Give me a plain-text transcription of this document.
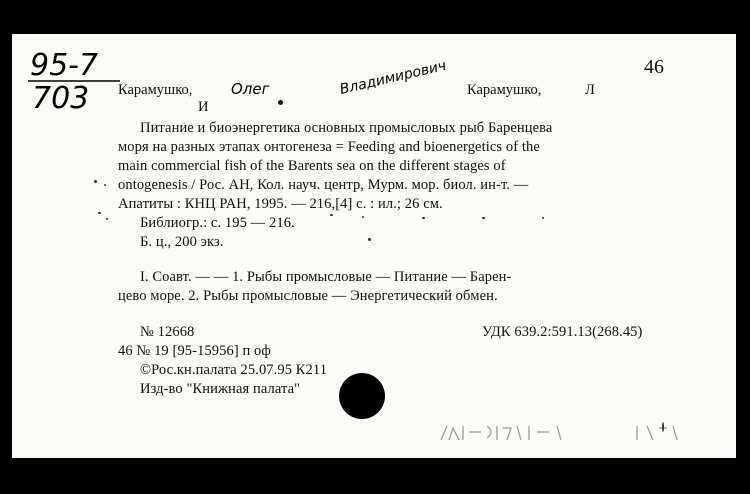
95-7
703
46
Карамушко,	Олег	Владимирович Карамушко,	Л
И
Питание и биоэнергетика основных промысловых рыб Баренцева
моря на разных этапах онтогенеза = Feeding and bioenergetics of the
main commercial fish of the Barents sea on the different stages of
ontogenesis / Рос. АН, Кол. науч. центр, Мурм. мор. биол. ин-т. —
Апатиты : КНЦ РАН, 1995. — 216,[4] с. : ил.; 26 см.
Библиогр.: с. 195 — 216.
Б. ц., 200 экз.
I. Соавт. — — 1. Рыбы промысловые — Питание — Барен-
цево море. 2. Рыбы промысловые — Энергетический обмен.
№ 12668	УДК 639.2:591.13(268.45)
46 № 19 [95-15956] п оф
©Рос.кн.палата 25.07.95 К211
Изд-во "Книжная палата"
